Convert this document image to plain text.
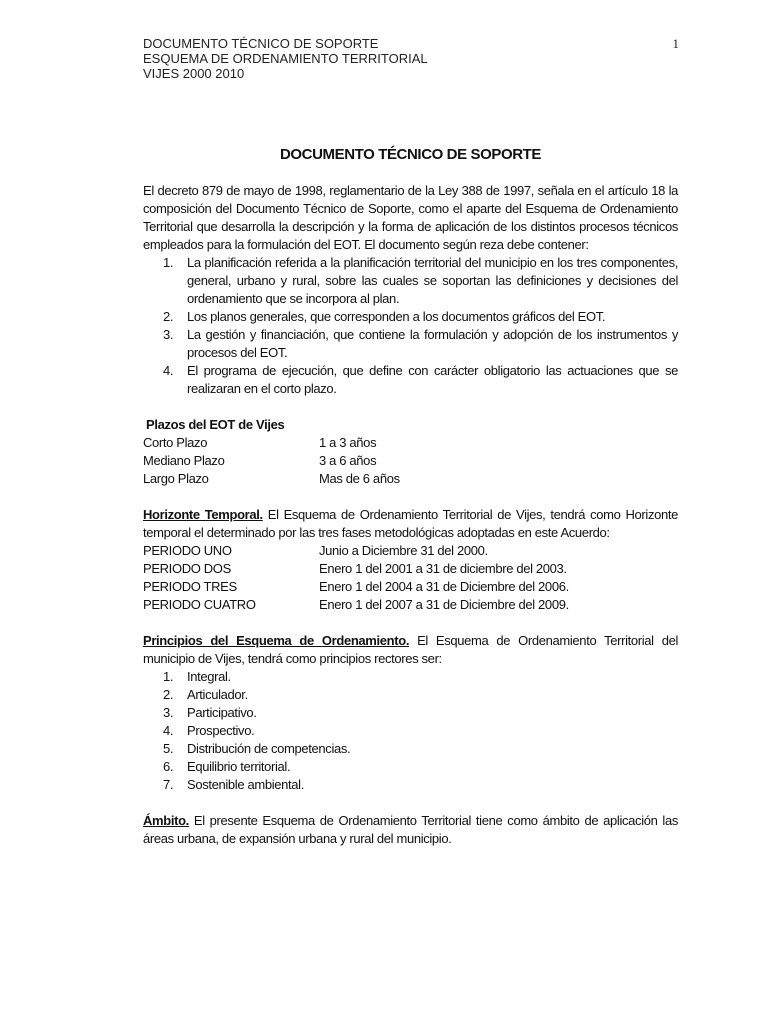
DOCUMENTO TÉCNICO DE SOPORTE
ESQUEMA DE ORDENAMIENTO TERRITORIAL
VIJES 2000 2010
1
DOCUMENTO TÉCNICO DE SOPORTE

El decreto 879 de mayo de 1998, reglamentario de la Ley 388 de 1997, señala en el artículo 18 la composición del Documento Técnico de Soporte, como el aparte del Esquema de Ordenamiento Territorial que desarrolla la descripción y la forma de aplicación de los distintos procesos técnicos empleados para la formulación del EOT. El documento según reza debe contener:

1. La planificación referida a la planificación territorial del municipio en los tres componentes, general, urbano y rural, sobre las cuales se soportan las definiciones y decisiones del ordenamiento que se incorpora al plan.
2. Los planos generales, que corresponden a los documentos gráficos del EOT.
3. La gestión y financiación, que contiene la formulación y adopción de los instrumentos y procesos del EOT.
4. El programa de ejecución, que define con carácter obligatorio las actuaciones que se realizaran en el corto plazo.
Plazos del EOT de Vijes
Corto Plazo	1 a 3 años
Mediano Plazo	3 a 6 años
Largo Plazo	Mas de 6 años

Horizonte Temporal. El Esquema de Ordenamiento Territorial de Vijes, tendrá como Horizonte temporal el determinado por las tres fases metodológicas adoptadas en este Acuerdo:

PERIODO UNO	Junio a Diciembre 31 del 2000.
PERIODO DOS	Enero 1 del 2001 a 31 de diciembre del 2003.
PERIODO TRES	Enero 1 del 2004 a 31 de Diciembre del 2006.
PERIODO CUATRO	Enero 1 del 2007 a 31 de Diciembre del 2009.

Principios del Esquema de Ordenamiento. El Esquema de Ordenamiento Territorial del municipio de Vijes, tendrá como principios rectores ser:

1. Integral.
2. Articulador.
3. Participativo.
4. Prospectivo.
5. Distribución de competencias.
6. Equilibrio territorial.
7. Sostenible ambiental.

Ámbito. El presente Esquema de Ordenamiento Territorial tiene como ámbito de aplicación las áreas urbana, de expansión urbana y rural del municipio.
